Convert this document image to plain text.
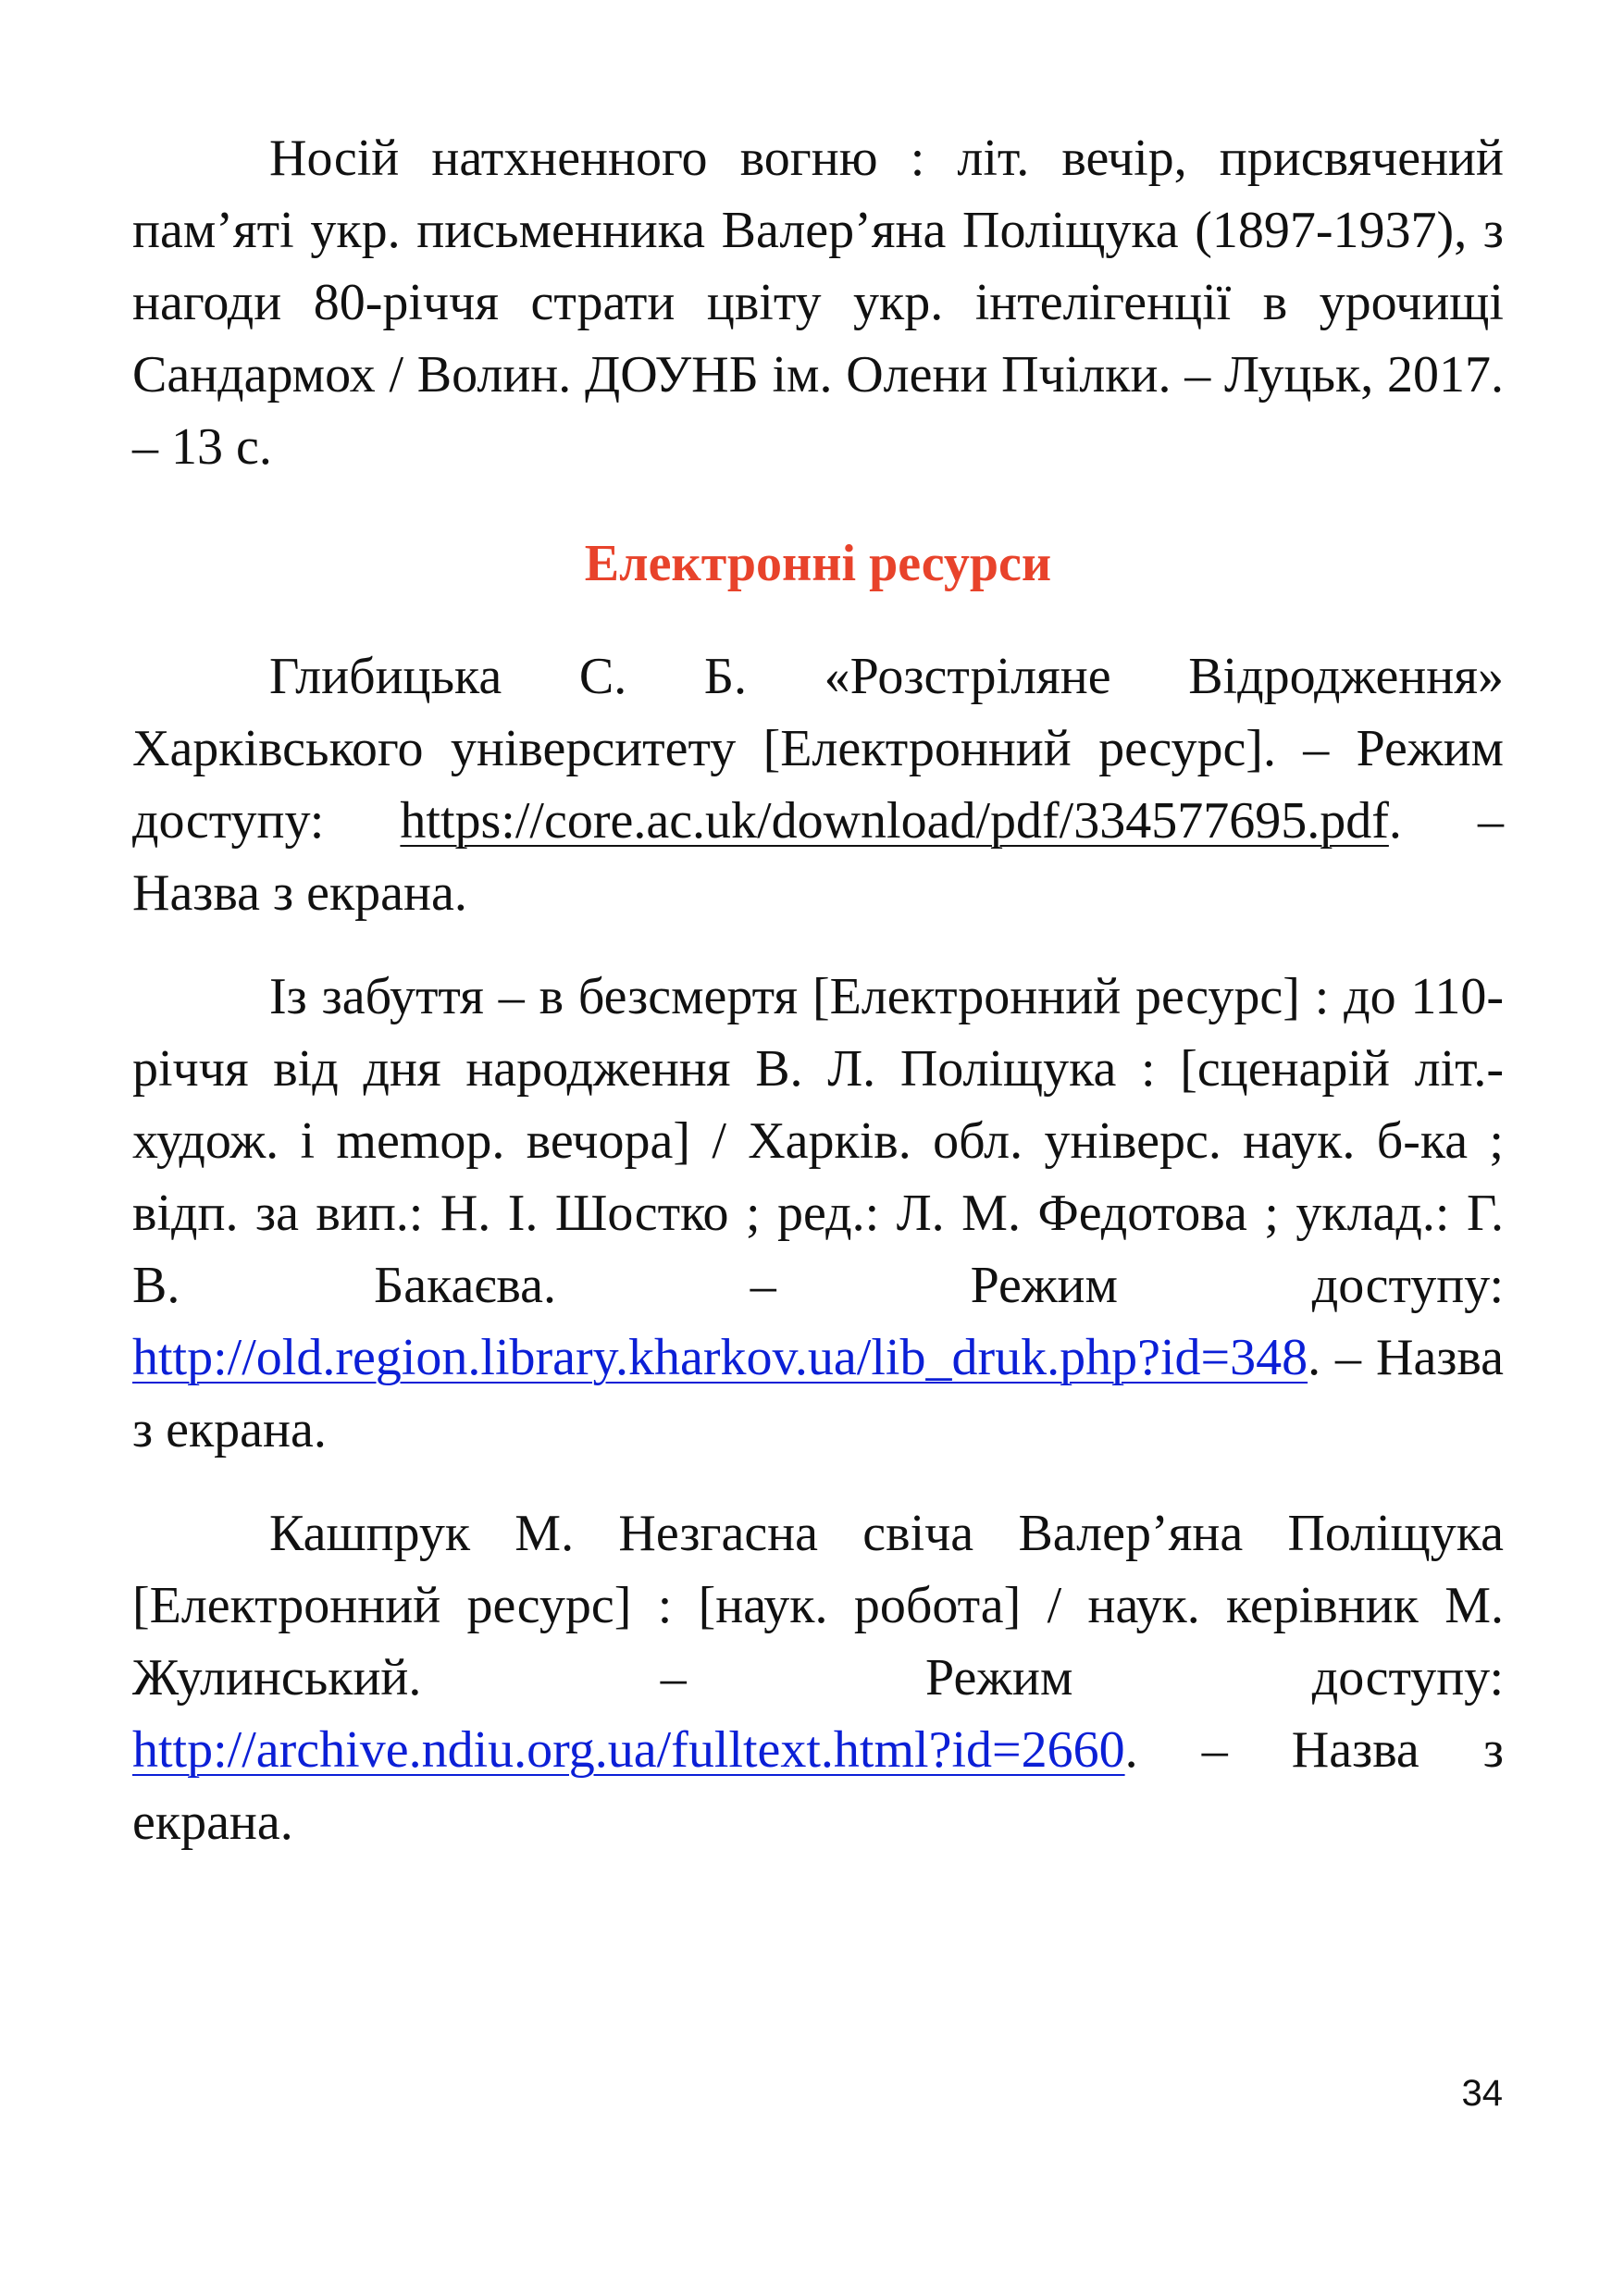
Носій натхненного вогню : літ. вечір, присвячений пам’яті укр. письменника Валер’яна Поліщука (1897-1937), з нагоди 80-річчя страти цвіту укр. інтелігенції в урочищі Сандармох / Волин. ДОУНБ ім. Олени Пчілки. – Луцьк, 2017. – 13 с.

Електронні ресурси

Глибицька С. Б. «Розстріляне Відродження» Харківського університету [Електронний ресурс]. – Режим доступу: https://core.ac.uk/download/pdf/334577695.pdf. – Назва з екрана.

Із забуття – в безсмертя [Електронний ресурс] : до 110-річчя від дня народження В. Л. Поліщука : [сценарій літ.-худож. і memор. вечора] / Харків. обл. універс. наук. б-ка ; відп. за вип.: Н. І. Шостко ; ред.: Л. М. Федотова ; уклад.: Г. В. Бакаєва. – Режим доступу: http://old.region.library.kharkov.ua/lib_druk.php?id=348. – Назва з екрана.

Кашпрук М. Незгасна свіча Валер’яна Поліщука [Електронний ресурс] : [наук. робота] / наук. керівник М. Жулинський. – Режим доступу: http://archive.ndiu.org.ua/fulltext.html?id=2660. – Назва з екрана.

34
